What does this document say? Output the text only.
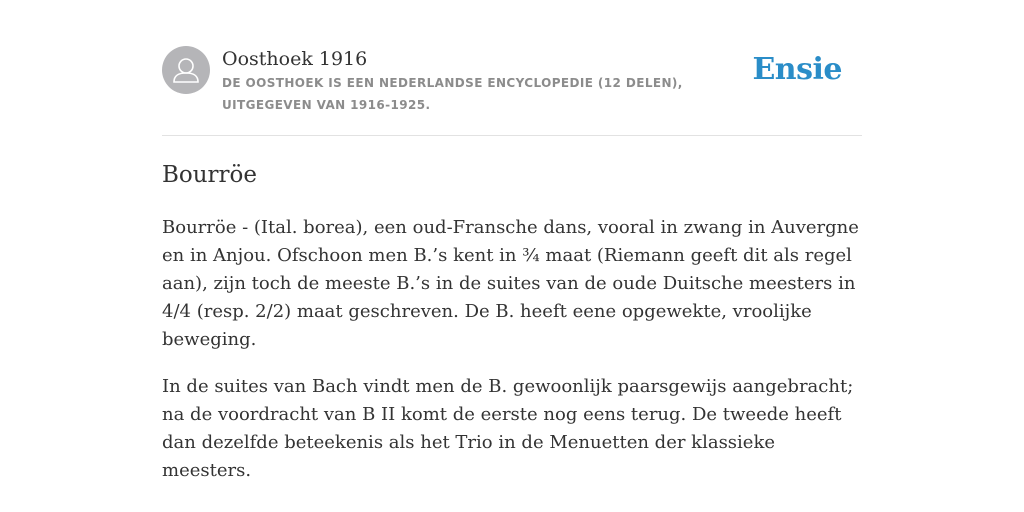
Oosthoek 1916
DE OOSTHOEK IS EEN NEDERLANDSE ENCYCLOPEDIE (12 DELEN), UITGEGEVEN VAN 1916-1925.
Ensie
Bourröe

Bourröe - (Ital. borea), een oud-Fransche dans, vooral in zwang in Auvergne en in Anjou. Ofschoon men B.’s kent in ¾ maat (Riemann geeft dit als regel aan), zijn toch de meeste B.’s in de suites van de oude Duitsche meesters in 4/4 (resp. 2/2) maat geschreven. De B. heeft eene opgewekte, vroolijke beweging.

In de suites van Bach vindt men de B. gewoonlijk paarsgewijs aangebracht; na de voordracht van B II komt de eerste nog eens terug. De tweede heeft dan dezelfde beteekenis als het Trio in de Menuetten der klassieke meesters.
